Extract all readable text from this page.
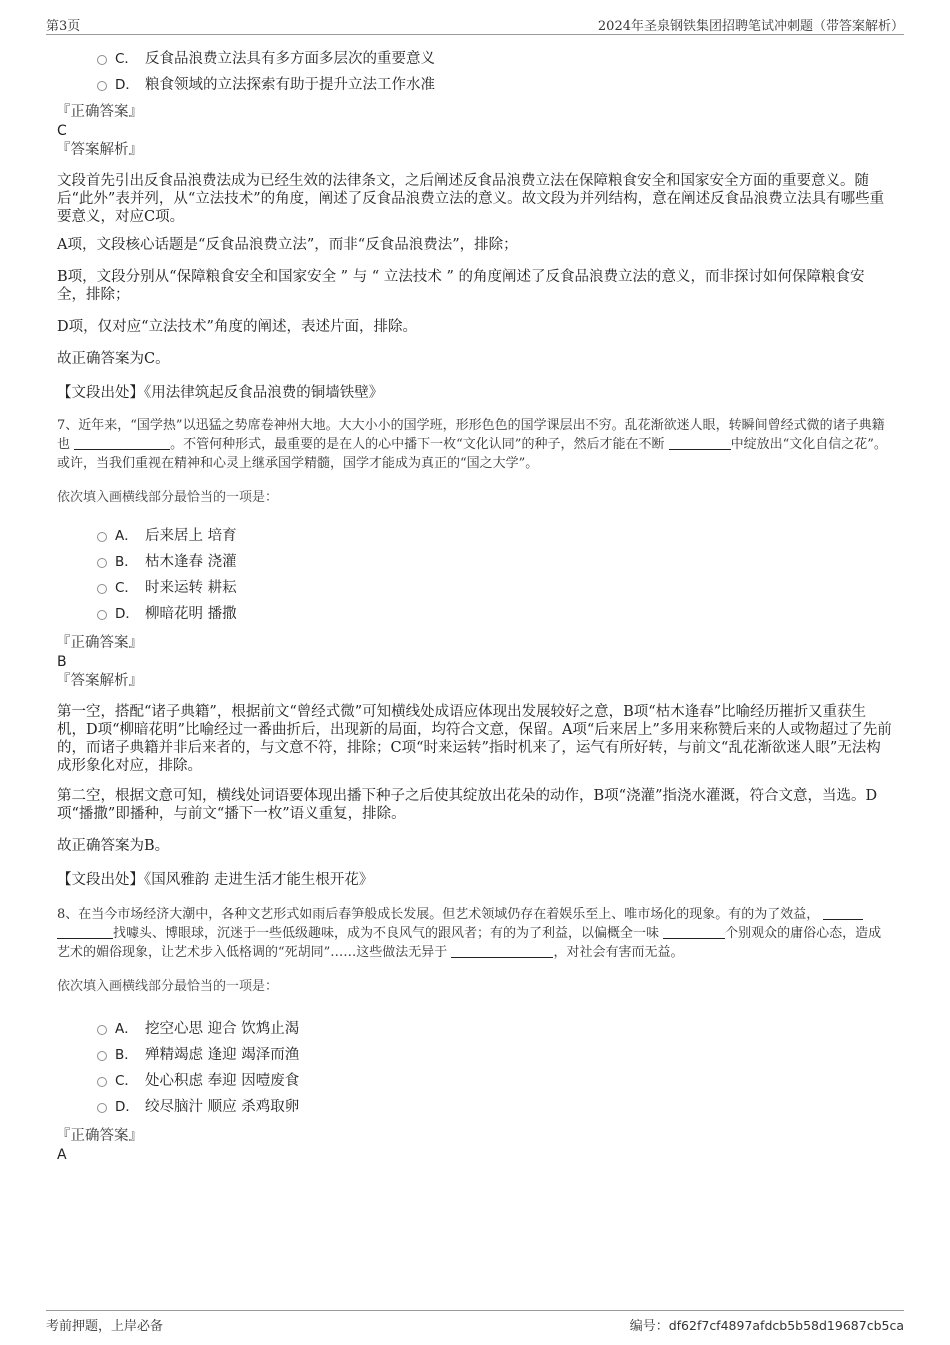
第3页	2024年圣泉钢铁集团招聘笔试冲刺题（带答案解析）
C． 反食品浪费立法具有多方面多层次的重要意义
D． 粮食领域的立法探索有助于提升立法工作水准
『正确答案』
C
『答案解析』

文段首先引出反食品浪费法成为已经生效的法律条文，之后阐述反食品浪费立法在保障粮食安全和国家安全方面的重要意义。随后“此外”表并列，从“立法技术”的角度，阐述了反食品浪费立法的意义。故文段为并列结构，意在阐述反食品浪费立法具有哪些重要意义，对应C项。

A项，文段核心话题是“反食品浪费立法”，而非“反食品浪费法”，排除；

B项，文段分别从“保障粮食安全和国家安全 ” 与 “ 立法技术 ” 的角度阐述了反食品浪费立法的意义，而非探讨如何保障粮食安全，排除；

D项，仅对应“立法技术”角度的阐述，表述片面，排除。

故正确答案为C。

【文段出处】《用法律筑起反食品浪费的铜墙铁壁》

7、近年来，“国学热”以迅猛之势席卷神州大地。大大小小的国学班，形形色色的国学课层出不穷。乱花渐欲迷人眼，转瞬间曾经式微的诸子典籍也	。不管何种形式，最重要的是在人的心中播下一枚“文化认同”的种子，然后才能在不断	中绽放出“文化自信之花”。或许，当我们重视在精神和心灵上继承国学精髓，国学才能成为真正的“国之大学”。

依次填入画横线部分最恰当的一项是：

A． 后来居上 培育
B． 枯木逢春 浇灌
C． 时来运转 耕耘
D． 柳暗花明 播撒
『正确答案』
B
『答案解析』

第一空，搭配“诸子典籍”，根据前文“曾经式微”可知横线处成语应体现出发展较好之意，B项“枯木逢春”比喻经历摧折又重获生机，D项“柳暗花明”比喻经过一番曲折后，出现新的局面，均符合文意，保留。A项“后来居上”多用来称赞后来的人或物超过了先前的，而诸子典籍并非后来者的，与文意不符，排除；C项“时来运转”指时机来了，运气有所好转，与前文“乱花渐欲迷人眼”无法构成形象化对应，排除。

第二空，根据文意可知，横线处词语要体现出播下种子之后使其绽放出花朵的动作，B项“浇灌”指浇水灌溉，符合文意，当选。D项“播撒”即播种，与前文“播下一枚”语义重复，排除。

故正确答案为B。

【文段出处】《国风雅韵 走进生活才能生根开花》

8、在当今市场经济大潮中，各种文艺形式如雨后春笋般成长发展。但艺术领域仍存在着娱乐至上、唯市场化的现象。有的为了效益，  找噱头、博眼球，沉迷于一些低级趣味，成为不良风气的跟风者；有的为了利益，以偏概全一味	个别观众的庸俗心态，造成艺术的媚俗现象，让艺术步入低格调的“死胡同”……这些做法无异于	，对社会有害而无益。

依次填入画横线部分最恰当的一项是：

A． 挖空心思 迎合 饮鸩止渴
B． 殚精竭虑 逢迎 竭泽而渔
C． 处心积虑 奉迎 因噎废食
D． 绞尽脑汁 顺应 杀鸡取卵
『正确答案』
A
考前押题，上岸必备	编号：df62f7cf4897afdcb5b58d19687cb5ca
